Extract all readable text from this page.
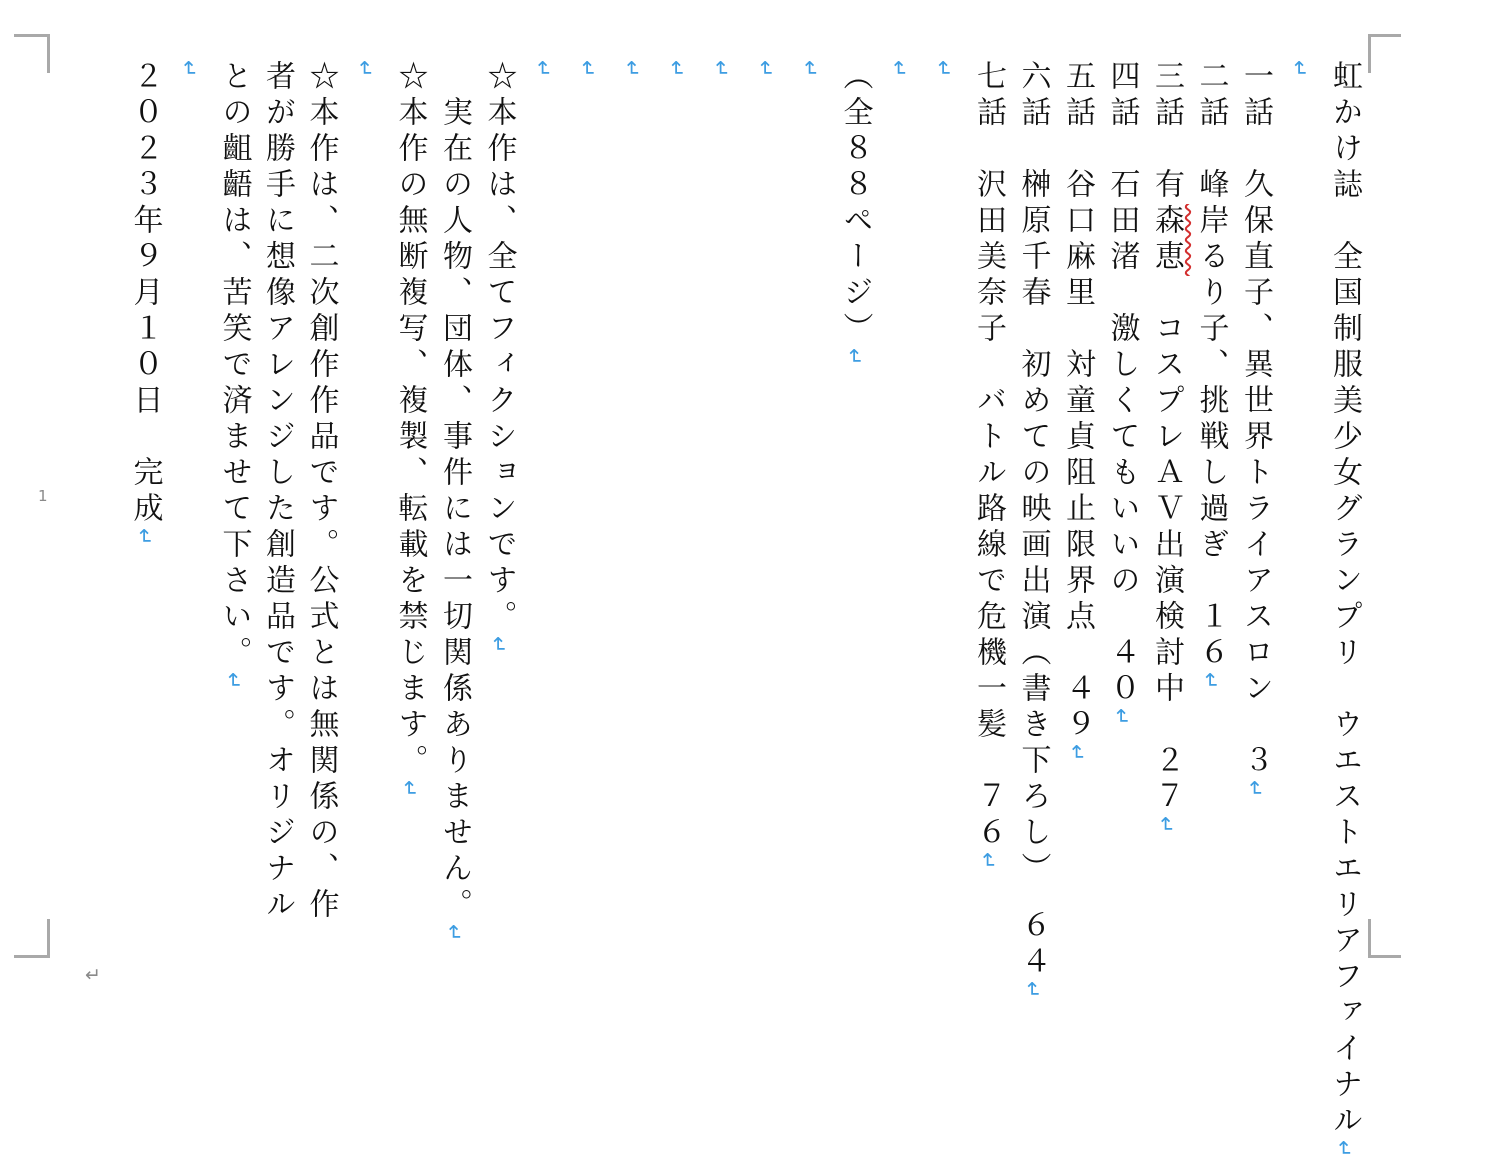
虹かけ誌　全国制服美少女グランプリ　ウエストエリアファイナル↵

↵

一話　久保直子、異世界トライアスロン　３↵

二話　峰岸るり子、挑戦し過ぎ　１６↵

三話　有森恵　コスプレＡＶ出演検討中　２７↵

四話　石田渚　激しくてもいいの　４０↵

五話　谷口麻里　対童貞阻止限界点　４９↵

六話　榊原千春　初めての映画出演（書き下ろし）　６４↵

七話　沢田美奈子　バトル路線で危機一髪　７６↵

↵

↵

（全８８ページ）↵

↵

↵

↵

↵

↵

↵

↵

☆本作は、全てフィクションです。↵

　実在の人物、団体、事件には一切関係ありません。↵

☆本作の無断複写、複製、転載を禁じます。↵

↵

☆本作は、二次創作作品です。公式とは無関係の、作者が勝手に想像アレンジした創造品です。オリジナルとの齟齬は、苦笑で済ませて下さい。↵

↵

２０２３年９月１０日　完成↵

1
↵
